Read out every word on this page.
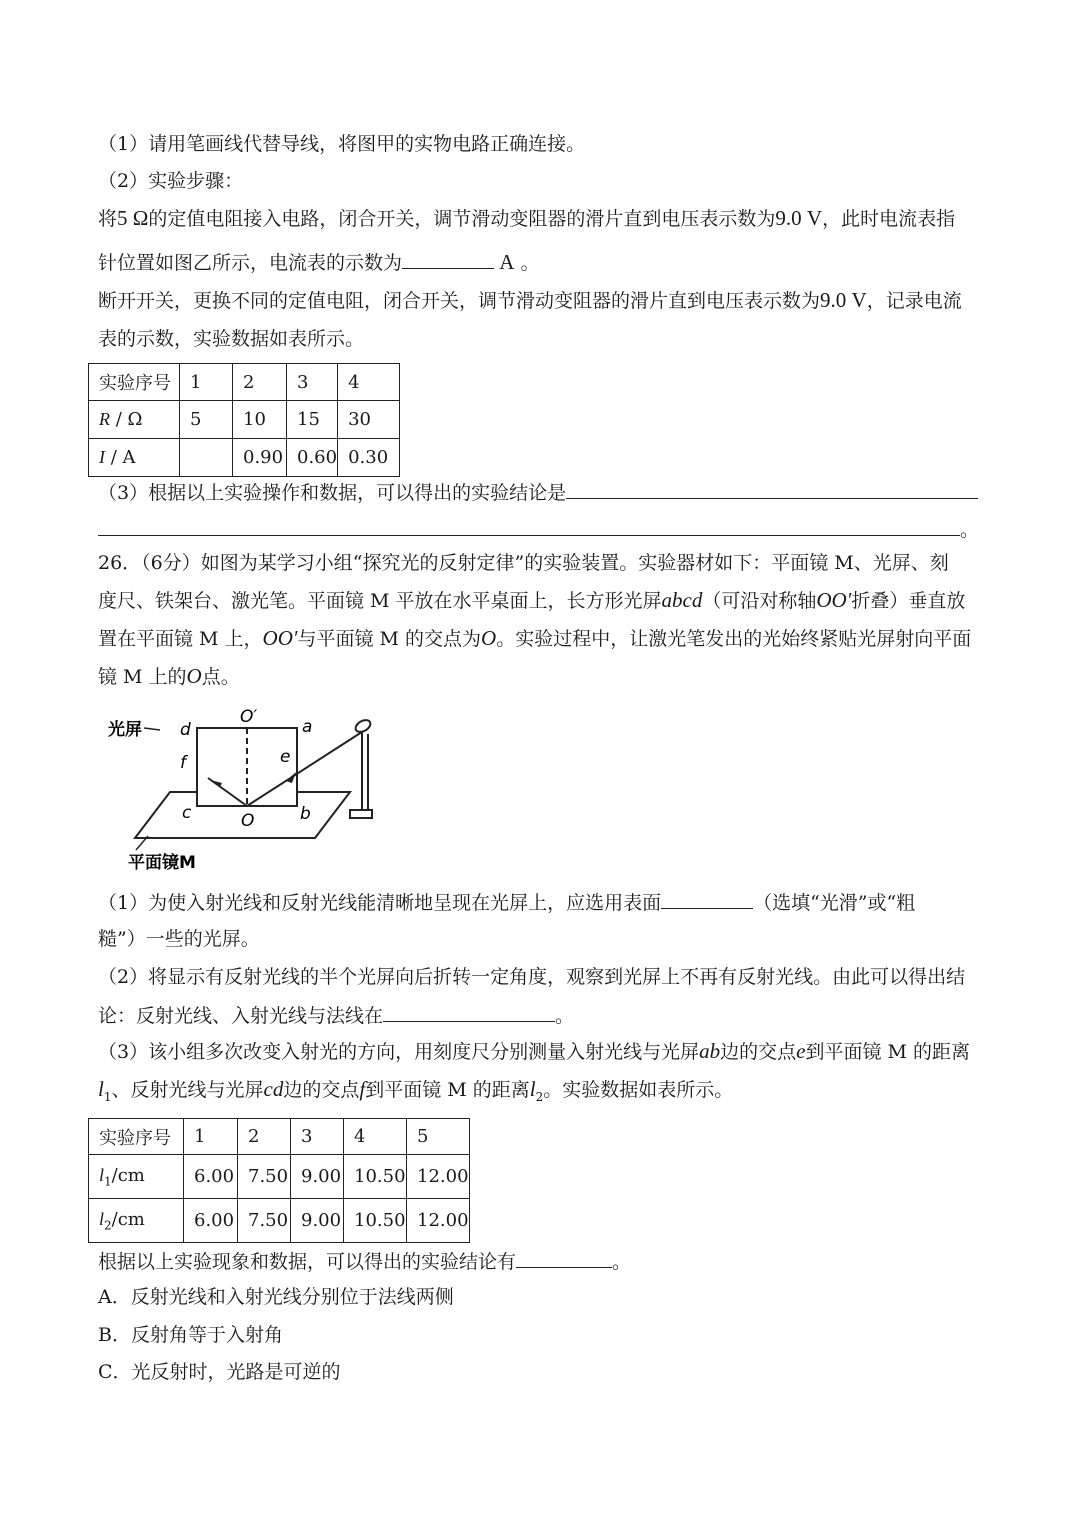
（1）请用笔画线代替导线，将图甲的实物电路正确连接。
（2）实验步骤：
将5 Ω的定值电阻接入电路，闭合开关，调节滑动变阻器的滑片直到电压表示数为9.0 V，此时电流表指
针位置如图乙所示，电流表的示数为	A 。
断开开关，更换不同的定值电阻，闭合开关，调节滑动变阻器的滑片直到电压表示数为9.0 V，记录电流
表的示数，实验数据如表所示。
实验序号	1	2	3	4
R / Ω	5	10	15	30
I / A		0.90	0.60	0.30
（3）根据以上实验操作和数据，可以得出的实验结论是
。
26．（6分）如图为某学习小组“探究光的反射定律”的实验装置。实验器材如下：平面镜 M、光屏、刻
度尺、铁架台、激光笔。平面镜 M 平放在水平桌面上，长方形光屏abcd（可沿对称轴OO′折叠）垂直放
置在平面镜 M 上，OO′与平面镜 M 的交点为O。实验过程中，让激光笔发出的光始终紧贴光屏射向平面
镜 M 上的O点。
光屏
平面镜M
d	a
b
c
e
f
O
O′
（1）为使入射光线和反射光线能清晰地呈现在光屏上，应选用表面	（选填“光滑”或“粗
糙”）一些的光屏。
（2）将显示有反射光线的半个光屏向后折转一定角度，观察到光屏上不再有反射光线。由此可以得出结
论：反射光线、入射光线与法线在	。
（3）该小组多次改变入射光的方向，用刻度尺分别测量入射光线与光屏ab边的交点e到平面镜 M 的距离
$l_1$、反射光线与光屏cd边的交点f到平面镜 M 的距离$l_2$。实验数据如表所示。
实验序号	1	2	3	4	5
$l_1/cm$	6.00	7.50	9.00	10.50	12.00
$l_2/cm$	6.00	7.50	9.00	10.50	12.00
根据以上实验现象和数据，可以得出的实验结论有	。
A．反射光线和入射光线分别位于法线两侧
B．反射角等于入射角
C．光反射时，光路是可逆的
